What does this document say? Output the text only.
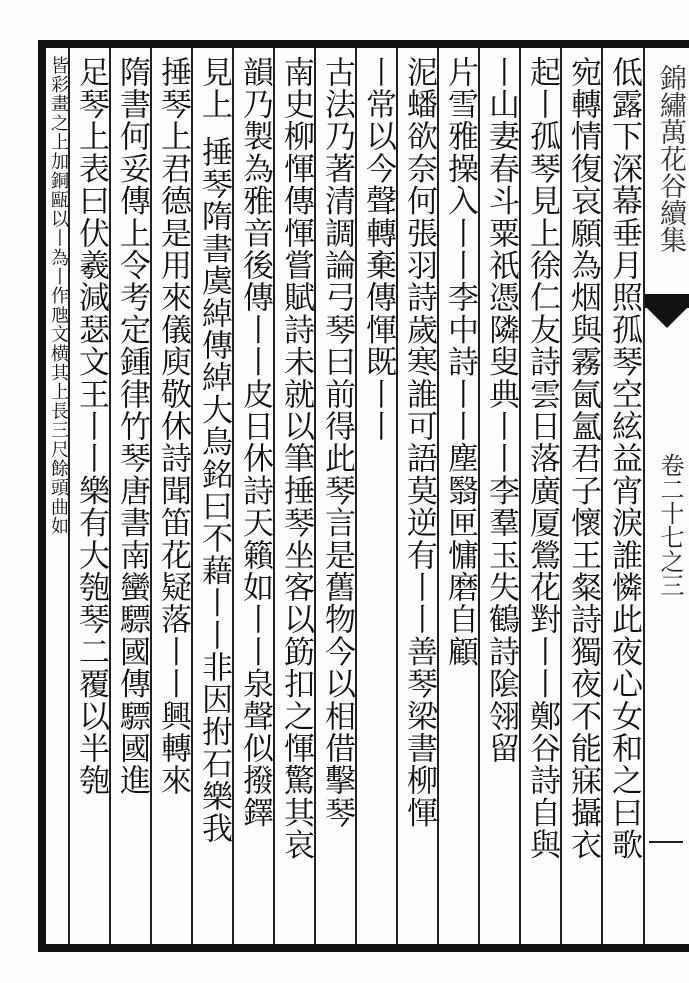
錦繡萬花谷續集
卷二十七之三
低露下深幕垂月照孤琴空絃益宵淚誰憐此夜心女和之曰歌
宛轉情復哀願為烟與霧氤氳君子懷王粲詩獨夜不能寐攝衣
起丨孤琴見上徐仁友詩雲日落廣厦鶯花對丨丨鄭谷詩自與
丨山妻春斗粟祇憑隣叟典丨丨李羣玉失鶴詩隂翎留
片雪雅操入丨丨李中詩丨丨塵翳匣慵磨自顧
泥蟠欲奈何張羽詩歲寒誰可語莫逆有丨丨善琴梁書柳惲
丨常以今聲轉棄傳惲既丨丨
古法乃著清調論弓琴曰前得此琴言是舊物今以相借擊琴
南史柳惲傳惲嘗賦詩未就以筆捶琴坐客以筯扣之惲驚其哀
韻乃製為雅音後傳丨丨皮日休詩天籟如丨丨泉聲似撥鐸
見上
捶琴隋書虞綽傳綽大鳥銘曰不藉丨丨非因拊石樂我
捶琴上君德是用來儀庾敬休詩聞笛花疑落丨丨興轉來
隋書何妥傳上令考定鍾律竹琴唐書南蠻驃國傳驃國進
足琴上表曰伏羲減瑟文王丨丨樂有大匏琴二覆以半匏
皆彩畫之上加銅甌以丨為丨作虺文横其上長三尺餘頭曲如
